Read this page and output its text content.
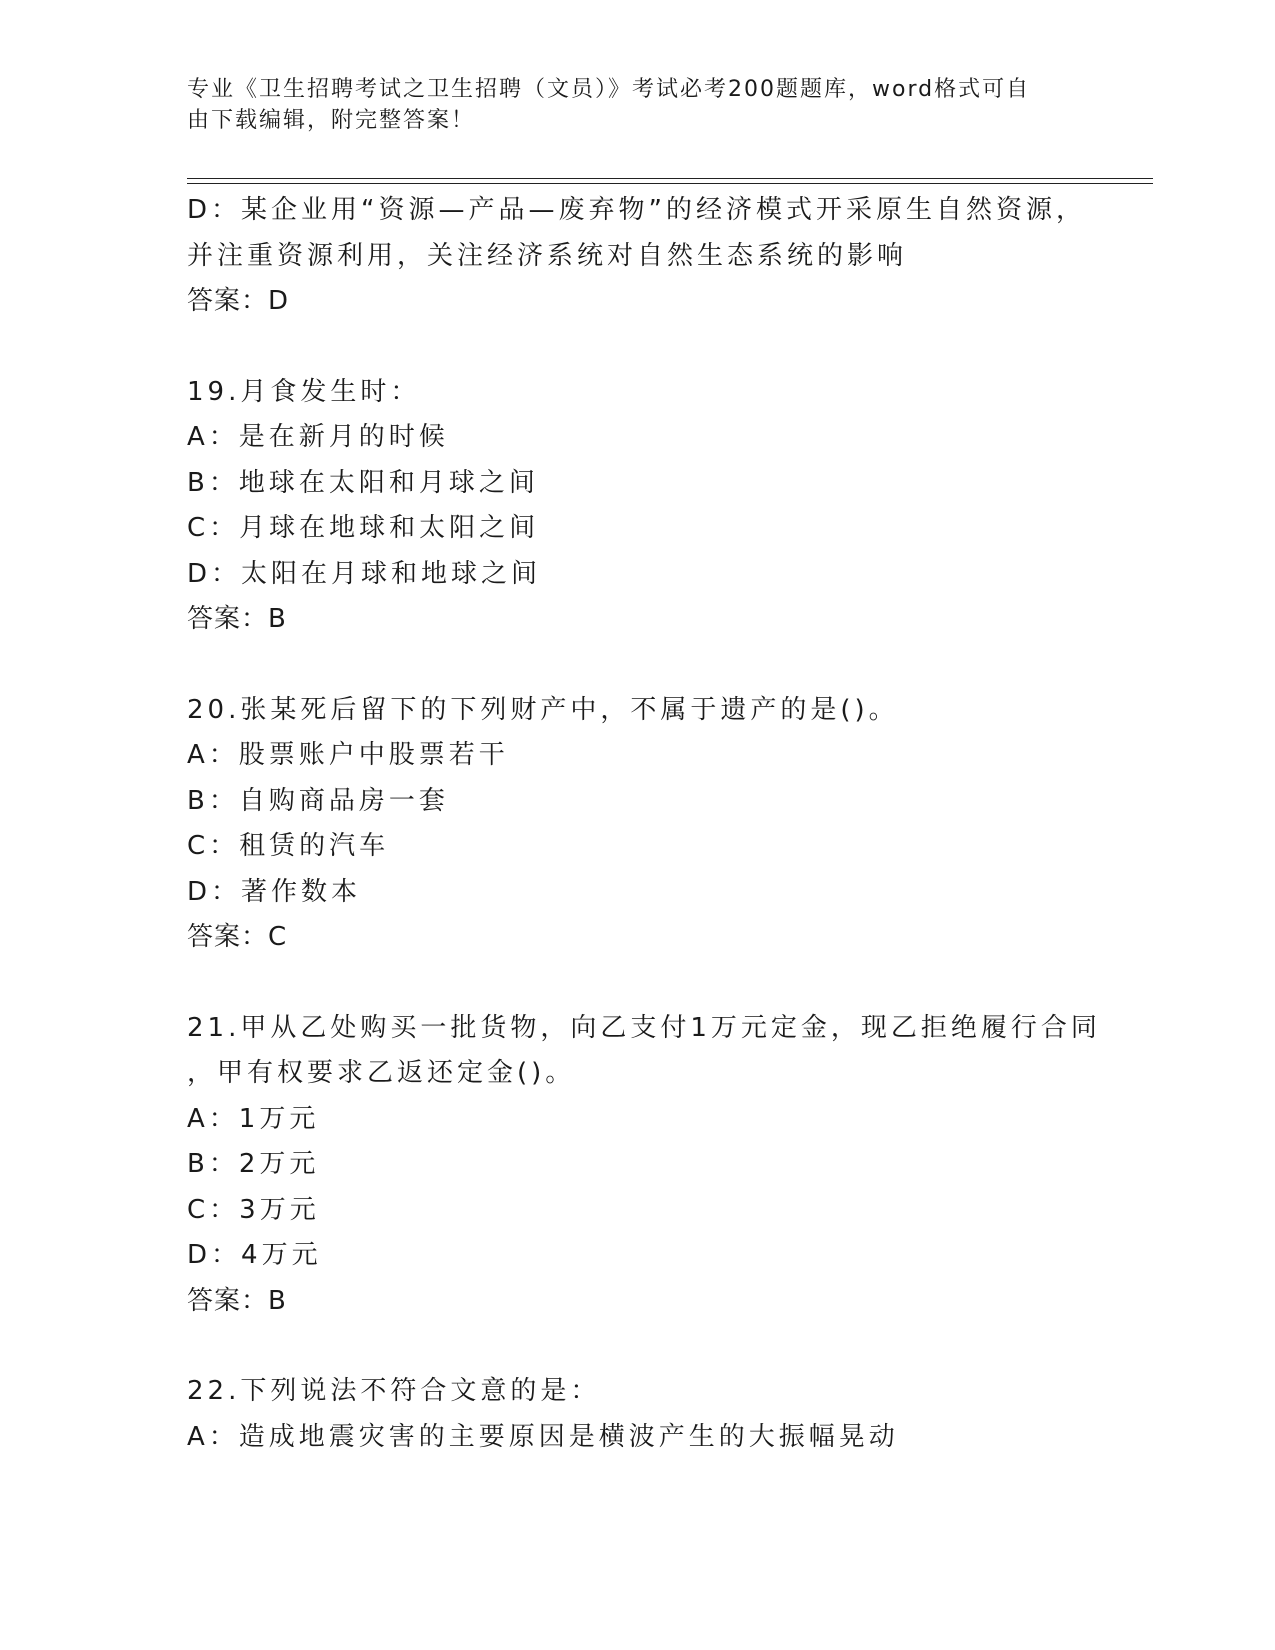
专业《卫生招聘考试之卫生招聘（文员）》考试必考200题题库，word格式可自
由下载编辑，附完整答案！
D：某企业用“资源—产品—废弃物”的经济模式开采原生自然资源，
并注重资源利用，关注经济系统对自然生态系统的影响
答案：D
19.月食发生时：
A：是在新月的时候
B：地球在太阳和月球之间
C：月球在地球和太阳之间
D：太阳在月球和地球之间
答案：B
20.张某死后留下的下列财产中，不属于遗产的是()。
A：股票账户中股票若干
B：自购商品房一套
C：租赁的汽车
D：著作数本
答案：C
21.甲从乙处购买一批货物，向乙支付1万元定金，现乙拒绝履行合同
，甲有权要求乙返还定金()。
A：1万元
B：2万元
C：3万元
D：4万元
答案：B
22.下列说法不符合文意的是：
A：造成地震灾害的主要原因是横波产生的大振幅晃动
